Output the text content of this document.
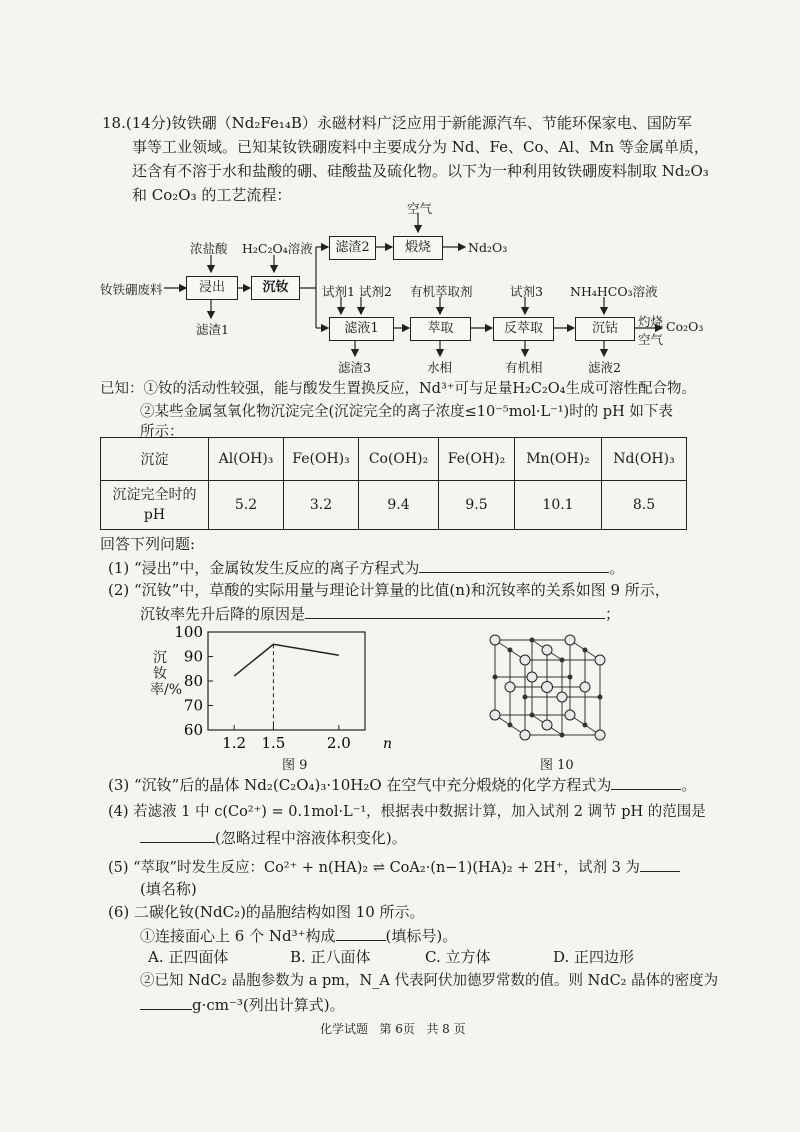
18.(14分)钕铁硼（Nd₂Fe₁₄B）永磁材料广泛应用于新能源汽车、节能环保家电、国防军
事等工业领域。已知某钕铁硼废料中主要成分为 Nd、Fe、Co、Al、Mn 等金属单质，
还含有不溶于水和盐酸的硼、硅酸盐及硫化物。以下为一种利用钕铁硼废料制取 Nd₂O₃
和 Co₂O₃ 的工艺流程：
钕铁硼废料	浸出	沉钕
滤渣2	煅烧
滤液1	萃取	反萃取	沉钴
浓盐酸 H₂C₂O₄溶液
空气
Nd₂O₃
滤渣1
试剂1 试剂2 有机萃取剂	试剂3 NH₄HCO₃溶液
灼烧
空气
Co₂O₃
滤渣3	水相	有机相	滤液2
已知：①钕的活动性较强，能与酸发生置换反应，Nd³⁺可与足量H₂C₂O₄生成可溶性配合物。
②某些金属氢氧化物沉淀完全(沉淀完全的离子浓度≤10⁻⁵mol·L⁻¹)时的 pH 如下表
所示：
沉淀	Al(OH)₃	Fe(OH)₃	Co(OH)₂	Fe(OH)₂	Mn(OH)₂	Nd(OH)₃

沉淀完全时的
pH	5.2	3.2	9.4	9.5	10.1	8.5
回答下列问题:
(1) “浸出”中，金属钕发生反应的离子方程式为	。
(2) “沉钕”中，草酸的实际用量与理论计算量的比值(n)和沉钕率的关系如图 9 所示，
沉钕率先升后降的原因是	；
60
70
80
90
100
1.2 1.5	2.0 n
沉钕率/%
图 9	图 10
(3) “沉钕”后的晶体 Nd₂(C₂O₄)₃·10H₂O 在空气中充分煅烧的化学方程式为	。
(4) 若滤液 1 中 c(Co²⁺) = 0.1mol·L⁻¹，根据表中数据计算，加入试剂 2 调节 pH 的范围是
(忽略过程中溶液体积变化)。
(5) “萃取”时发生反应：Co²⁺ + n(HA)₂ ⇌ CoA₂·(n−1)(HA)₂ + 2H⁺，试剂 3 为
(填名称)
(6) 二碳化钕(NdC₂)的晶胞结构如图 10 所示。
①连接面心上 6 个 Nd³⁺构成	(填标号)。
A. 正四面体	B. 正八面体	C. 立方体	D. 正四边形
②已知 NdC₂ 晶胞参数为 a pm，N_A 代表阿伏加德罗常数的值。则 NdC₂ 晶体的密度为
g·cm⁻³(列出计算式)。
化学试题   第 6页   共 8 页
